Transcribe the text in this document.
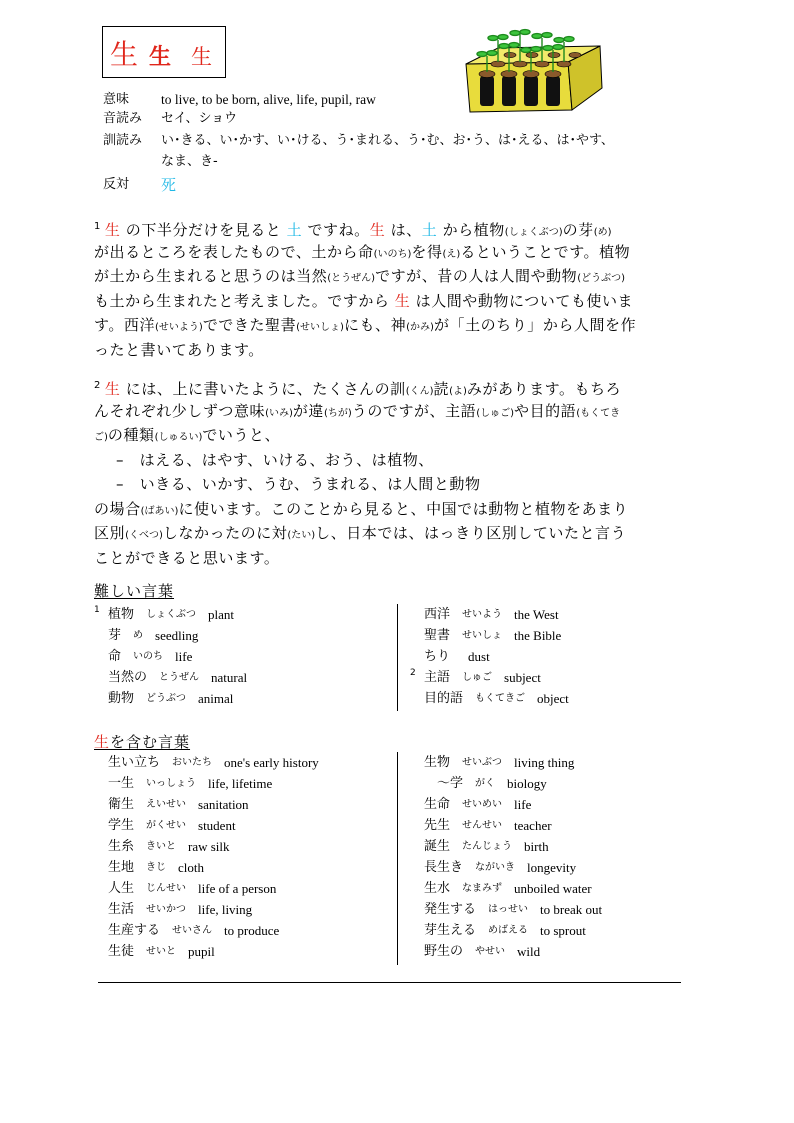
生 生 生
意味	to live, to be born, alive, life, pupil, raw
音読み	セイ、ショウ
訓読み	い･きる、い･かす、い･ける、う･まれる、う･む、お･う、は･える、は･やす、
なま、き-
反対	死
$^1$ 生 の下半分だけを見ると 土 ですね。生 は、土 から植物(しょくぶつ)の芽(め)
が出るところを表したもので、土から命(いのち)を得(え)るということです。植物
が土から生まれると思うのは当然(とうぜん)ですが、昔の人は人間や動物(どうぶつ)
も土から生まれたと考えました。ですから 生 は人間や動物についても使いま
す。西洋(せいよう)でできた聖書(せいしょ)にも、神(かみ)が「土のちり」から人間を作
ったと書いてあります。
$^2$ 生 には、上に書いたように、たくさんの訓(くん)読(よ)みがあります。もちろ
んそれぞれ少しずつ意味(いみ)が違(ちが)うのですが、主語(しゅご)や目的語(もくてき
ご)の種類(しゅるい)でいうと、
–　はえる、はやす、いける、おう、は植物、
–　いきる、いかす、うむ、うまれる、は人間と動物
の場合(ばあい)に使います。このことから見ると、中国では動物と植物をあまり
区別(くべつ)しなかったのに対(たい)し、日本では、はっきり区別していたと言う
ことができると思います。
難しい言葉
1 植物 しょくぶつ plant
芽 め seedling
命 いのち life
当然の とうぜん natural
動物 どうぶつ animal
西洋 せいよう the West
聖書 せいしょ the Bible
ちり dust
2 主語 しゅご subject
目的語 もくてきご object
生を含む言葉
生い立ち おいたち one's early history
一生 いっしょう life, lifetime
衛生 えいせい sanitation
学生 がくせい student
生糸 きいと raw silk
生地 きじ cloth
人生 じんせい life of a person
生活 せいかつ life, living
生産する せいさん to produce
生徒 せいと pupil
生物 せいぶつ living thing
　～学 がく biology
生命 せいめい life
先生 せんせい teacher
誕生 たんじょう birth
長生き ながいき longevity
生水 なまみず unboiled water
発生する はっせい to break out
芽生える めばえる to sprout
野生の やせい wild
